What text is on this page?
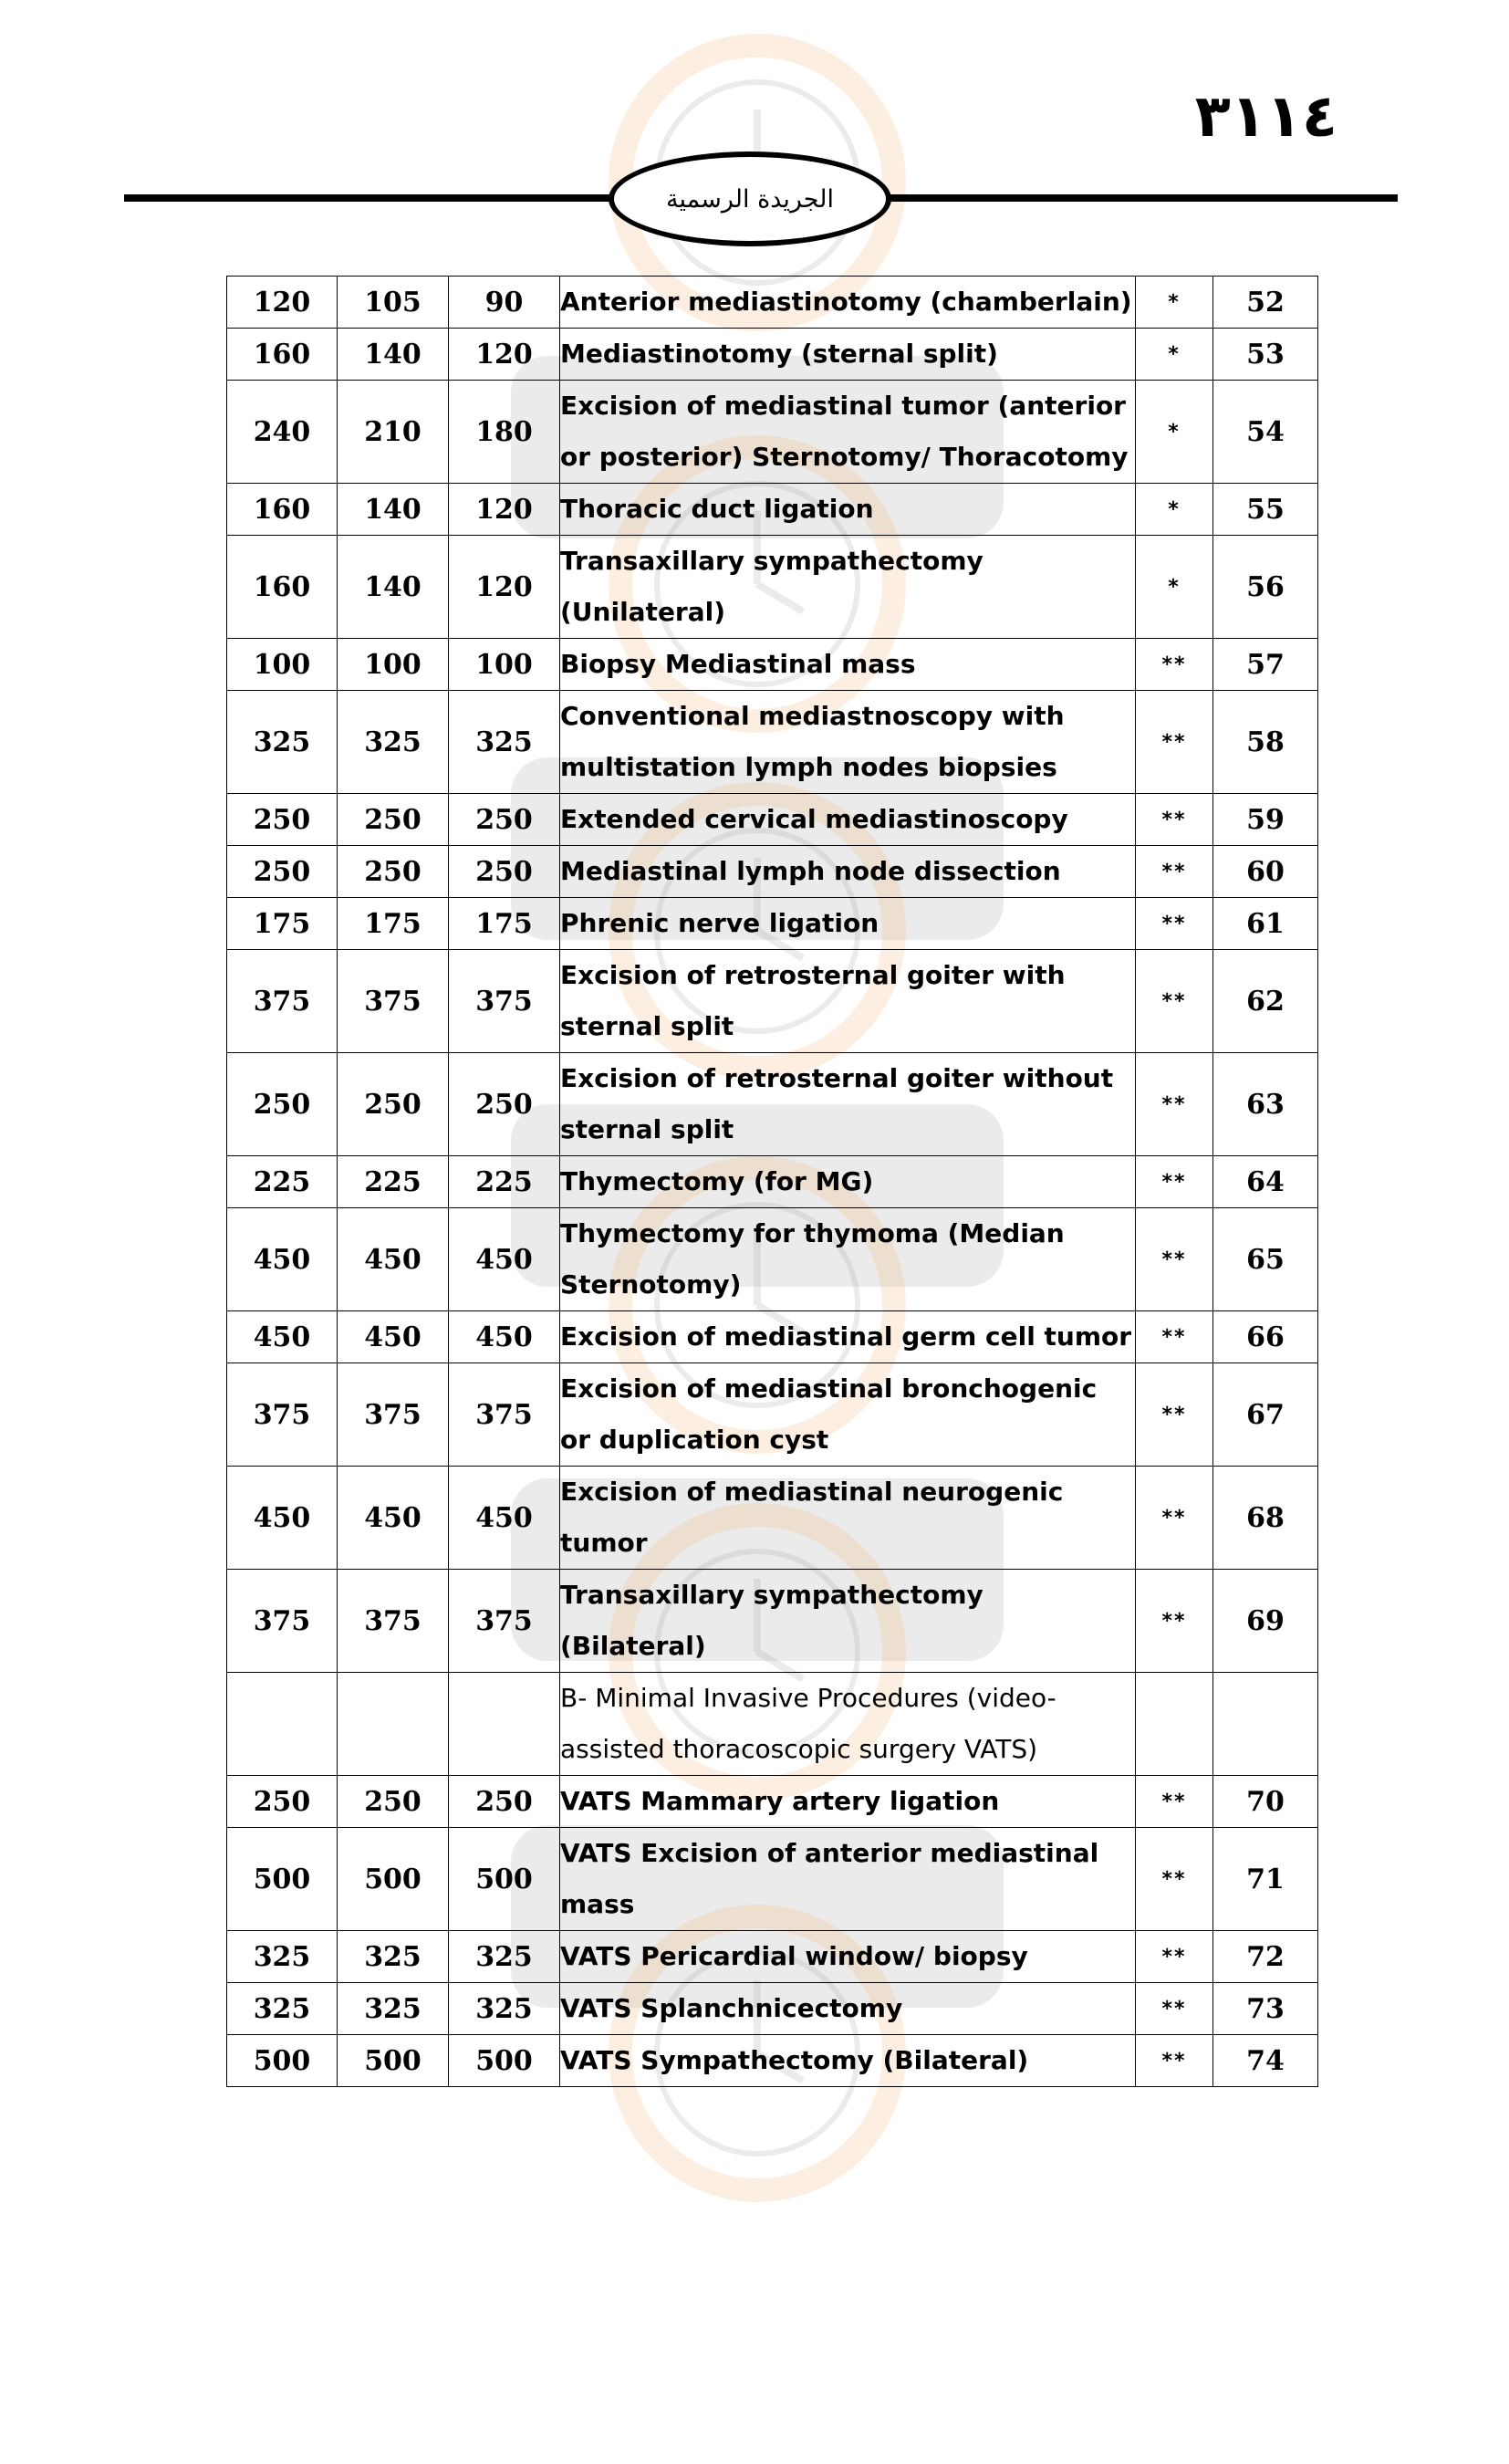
٣١١٤
الجريدة الرسمية
120	105	90	Anterior mediastinotomy (chamberlain)	*	52
160	140	120	Mediastinotomy (sternal split)	*	53
240	210	180	Excision of mediastinal tumor (anterior or posterior) Sternotomy/ Thoracotomy	*	54
160	140	120	Thoracic duct ligation	*	55
160	140	120	Transaxillary sympathectomy (Unilateral)	*	56
100	100	100	Biopsy Mediastinal mass	**	57
325	325	325	Conventional mediastnoscopy with multistation lymph nodes biopsies	**	58
250	250	250	Extended cervical mediastinoscopy	**	59
250	250	250	Mediastinal lymph node dissection	**	60
175	175	175	Phrenic nerve ligation	**	61
375	375	375	Excision of retrosternal goiter with sternal split	**	62
250	250	250	Excision of retrosternal goiter without sternal split	**	63
225	225	225	Thymectomy (for MG)	**	64
450	450	450	Thymectomy for thymoma (Median Sternotomy)	**	65
450	450	450	Excision of mediastinal germ cell tumor	**	66
375	375	375	Excision of mediastinal bronchogenic or duplication cyst	**	67
450	450	450	Excision of mediastinal neurogenic tumor	**	68
375	375	375	Transaxillary sympathectomy (Bilateral)	**	69
			B- Minimal Invasive Procedures (video-assisted thoracoscopic surgery VATS)		
250	250	250	VATS Mammary artery ligation	**	70
500	500	500	VATS Excision of anterior mediastinal mass	**	71
325	325	325	VATS Pericardial window/ biopsy	**	72
325	325	325	VATS Splanchnicectomy	**	73
500	500	500	VATS Sympathectomy (Bilateral)	**	74
